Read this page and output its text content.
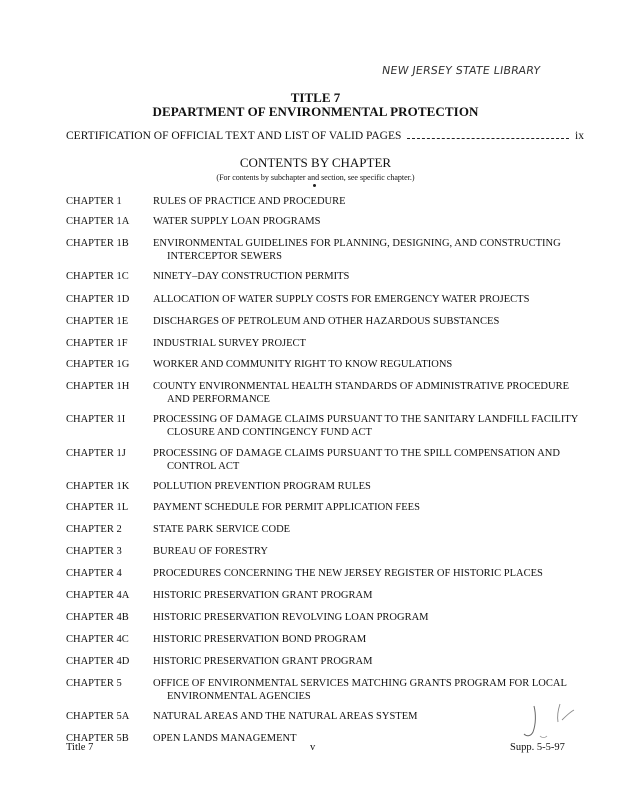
NEW JERSEY STATE LIBRARY
TITLE 7
DEPARTMENT OF ENVIRONMENTAL PROTECTION
CERTIFICATION OF OFFICIAL TEXT AND LIST OF VALID PAGES	ix
CONTENTS BY CHAPTER
(For contents by subchapter and section, see specific chapter.)
CHAPTER 1	RULES OF PRACTICE AND PROCEDURE
CHAPTER 1A	WATER SUPPLY LOAN PROGRAMS
CHAPTER 1B	ENVIRONMENTAL GUIDELINES FOR PLANNING, DESIGNING, AND CONSTRUCTING
INTERCEPTOR SEWERS
CHAPTER 1C	NINETY–DAY CONSTRUCTION PERMITS
CHAPTER 1D	ALLOCATION OF WATER SUPPLY COSTS FOR EMERGENCY WATER PROJECTS
CHAPTER 1E	DISCHARGES OF PETROLEUM AND OTHER HAZARDOUS SUBSTANCES
CHAPTER 1F	INDUSTRIAL SURVEY PROJECT
CHAPTER 1G	WORKER AND COMMUNITY RIGHT TO KNOW REGULATIONS
CHAPTER 1H	COUNTY ENVIRONMENTAL HEALTH STANDARDS OF ADMINISTRATIVE PROCEDURE
AND PERFORMANCE
CHAPTER 1I	PROCESSING OF DAMAGE CLAIMS PURSUANT TO THE SANITARY LANDFILL FACILITY
CLOSURE AND CONTINGENCY FUND ACT
CHAPTER 1J	PROCESSING OF DAMAGE CLAIMS PURSUANT TO THE SPILL COMPENSATION AND
CONTROL ACT
CHAPTER 1K	POLLUTION PREVENTION PROGRAM RULES
CHAPTER 1L	PAYMENT SCHEDULE FOR PERMIT APPLICATION FEES
CHAPTER 2	STATE PARK SERVICE CODE
CHAPTER 3	BUREAU OF FORESTRY
CHAPTER 4	PROCEDURES CONCERNING THE NEW JERSEY REGISTER OF HISTORIC PLACES
CHAPTER 4A	HISTORIC PRESERVATION GRANT PROGRAM
CHAPTER 4B	HISTORIC PRESERVATION REVOLVING LOAN PROGRAM
CHAPTER 4C	HISTORIC PRESERVATION BOND PROGRAM
CHAPTER 4D	HISTORIC PRESERVATION GRANT PROGRAM
CHAPTER 5	OFFICE OF ENVIRONMENTAL SERVICES MATCHING GRANTS PROGRAM FOR LOCAL
ENVIRONMENTAL AGENCIES
CHAPTER 5A	NATURAL AREAS AND THE NATURAL AREAS SYSTEM
CHAPTER 5B	OPEN LANDS MANAGEMENT
Title 7	v	Supp. 5-5-97
